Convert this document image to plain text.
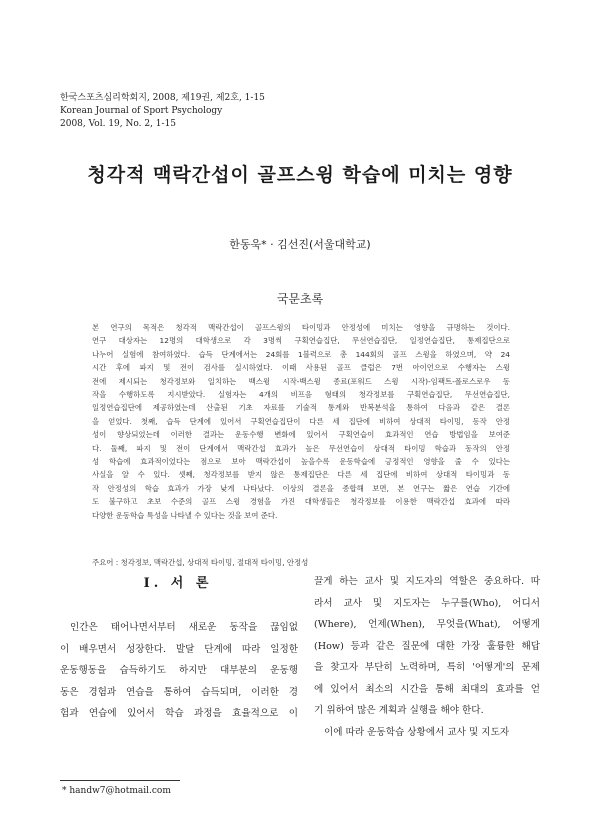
한국스포츠심리학회지, 2008, 제19권, 제2호, 1-15
Korean Journal of Sport Psychology
2008, Vol. 19, No. 2, 1-15
청각적 맥락간섭이 골프스윙 학습에 미치는 영향
한동욱* · 김선진(서울대학교)
국문초록
본 연구의 목적은 청각적 맥락간섭이 골프스윙의 타이밍과 안정성에 미치는 영향을 규명하는 것이다.
연구 대상자는 12명의 대학생으로 각 3명씩 구획연습집단, 무선연습집단, 일정연습집단, 통제집단으로
나누어 실험에 참여하였다. 습득 단계에서는 24회를 1블럭으로 총 144회의 골프 스윙을 하였으며, 약 24
시간 후에 파지 및 전이 검사를 실시하였다. 이때 사용된 골프 클럽은 7번 아이언으로 수행자는 스윙
전에 제시되는 청각정보와 일치하는 백스윙 시작-백스윙 종료(포워드 스윙 시작)-임팩트-폴로스로우 동
작을 수행하도록 지시받았다. 실험자는 4개의 비프음 형태의 청각정보를 구획연습집단, 무선연습집단,
일정연습집단에 제공하였는데 산출된 기초 자료를 기술적 통계와 반복분석을 통하여 다음과 같은 결론
을 얻었다. 첫째, 습득 단계에 있어서 구획연습집단이 다른 세 집단에 비하여 상대적 타이밍, 동작 안정
성이 향상되었는데 이러한 결과는 운동수행 변화에 있어서 구획연습이 효과적인 연습 방법임을 보여준
다. 둘째, 파지 및 전이 단계에서 맥락간섭 효과가 높은 무선연습이 상대적 타이밍 학습과 동작의 안정
성 학습에 효과적이었다는 점으로 보아 맥락간섭이 높을수록 운동학습에 긍정적인 영향을 줄 수 있다는
사실을 알 수 있다. 셋째, 청각정보를 받지 않은 통제집단은 다른 세 집단에 비하여 상대적 타이밍과 동
작 안정성의 학습 효과가 가장 낮게 나타났다. 이상의 결론을 종합해 보면, 본 연구는 짧은 연습 기간에
도 불구하고 초보 수준의 골프 스윙 경험을 가진 대학생들은 청각정보를 이용한 맥락간섭 효과에 따라
다양한 운동학습 특성을 나타낼 수 있다는 것을 보여 준다.
주요어 : 청각정보, 맥락간섭, 상대적 타이밍, 절대적 타이밍, 안정성
I. 서 론
인간은 태어나면서부터 새로운 동작을 끊임없
이 배우면서 성장한다. 발달 단계에 따라 일정한
운동행동을 습득하기도 하지만 대부분의 운동행
동은 경험과 연습을 통하여 습득되며, 이러한 경
험과 연습에 있어서 학습 과정을 효율적으로 이
끌게 하는 교사 및 지도자의 역할은 중요하다. 따
라서 교사 및 지도자는 누구를(Who), 어디서
(Where), 언제(When), 무엇을(What), 어떻게
(How) 등과 같은 질문에 대한 가장 훌륭한 해답
을 찾고자 부단히 노력하며, 특히 '어떻게'의 문제
에 있어서 최소의 시간을 통해 최대의 효과를 얻
기 위하여 많은 계획과 실행을 해야 한다.
이에 따라 운동학습 상황에서 교사 및 지도자
* handw7@hotmail.com
